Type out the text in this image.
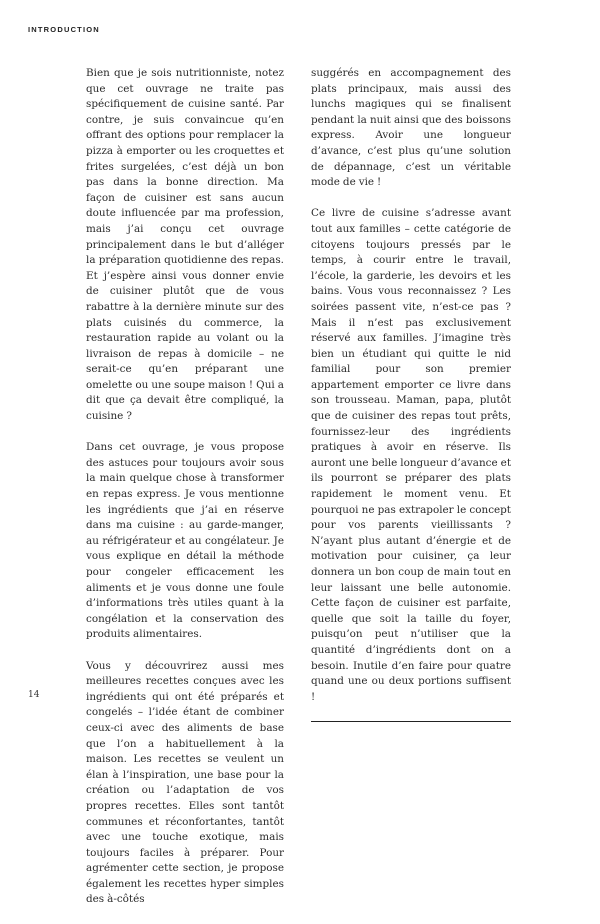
INTRODUCTION

Bien que je sois nutritionniste, notez que cet ouvrage ne traite pas spécifiquement de cuisine santé. Par contre, je suis convaincue qu’en offrant des options pour remplacer la pizza à emporter ou les croquettes et frites surgelées, c’est déjà un bon pas dans la bonne direction. Ma façon de cuisiner est sans aucun doute influencée par ma profession, mais j’ai conçu cet ouvrage principalement dans le but d’alléger la préparation quotidienne des repas. Et j’espère ainsi vous donner envie de cuisiner plutôt que de vous rabattre à la dernière minute sur des plats cuisinés du commerce, la restauration rapide au volant ou la livraison de repas à domicile – ne serait-ce qu’en préparant une omelette ou une soupe maison ! Qui a dit que ça devait être compliqué, la cuisine ?

Dans cet ouvrage, je vous propose des astuces pour toujours avoir sous la main quelque chose à transformer en repas express. Je vous mentionne les ingrédients que j’ai en réserve dans ma cuisine : au garde-manger, au réfrigérateur et au congélateur. Je vous explique en détail la méthode pour congeler efficacement les aliments et je vous donne une foule d’informations très utiles quant à la congélation et la conservation des produits alimentaires.

Vous y découvrirez aussi mes meilleures recettes conçues avec les ingrédients qui ont été préparés et congelés – l’idée étant de combiner ceux-ci avec des aliments de base que l’on a habituellement à la maison. Les recettes se veulent un élan à l’inspiration, une base pour la création ou l’adaptation de vos propres recettes. Elles sont tantôt communes et réconfortantes, tantôt avec une touche exotique, mais toujours faciles à préparer. Pour agrémenter cette section, je propose également les recettes hyper simples des à-côtés

suggérés en accompagnement des plats principaux, mais aussi des lunchs magiques qui se finalisent pendant la nuit ainsi que des boissons express. Avoir une longueur d’avance, c’est plus qu’une solution de dépannage, c’est un véritable mode de vie !

Ce livre de cuisine s’adresse avant tout aux familles – cette catégorie de citoyens toujours pressés par le temps, à courir entre le travail, l’école, la garderie, les devoirs et les bains. Vous vous reconnaissez ? Les soirées passent vite, n’est-ce pas ? Mais il n’est pas exclusivement réservé aux familles. J’imagine très bien un étudiant qui quitte le nid familial pour son premier appartement emporter ce livre dans son trousseau. Maman, papa, plutôt que de cuisiner des repas tout prêts, fournissez-leur des ingrédients pratiques à avoir en réserve. Ils auront une belle longueur d’avance et ils pourront se préparer des plats rapidement le moment venu. Et pourquoi ne pas extrapoler le concept pour vos parents vieillissants ? N’ayant plus autant d’énergie et de motivation pour cuisiner, ça leur donnera un bon coup de main tout en leur laissant une belle autonomie. Cette façon de cuisiner est parfaite, quelle que soit la taille du foyer, puisqu’on peut n’utiliser que la quantité d’ingrédients dont on a besoin. Inutile d’en faire pour quatre quand une ou deux portions suffisent !

14
